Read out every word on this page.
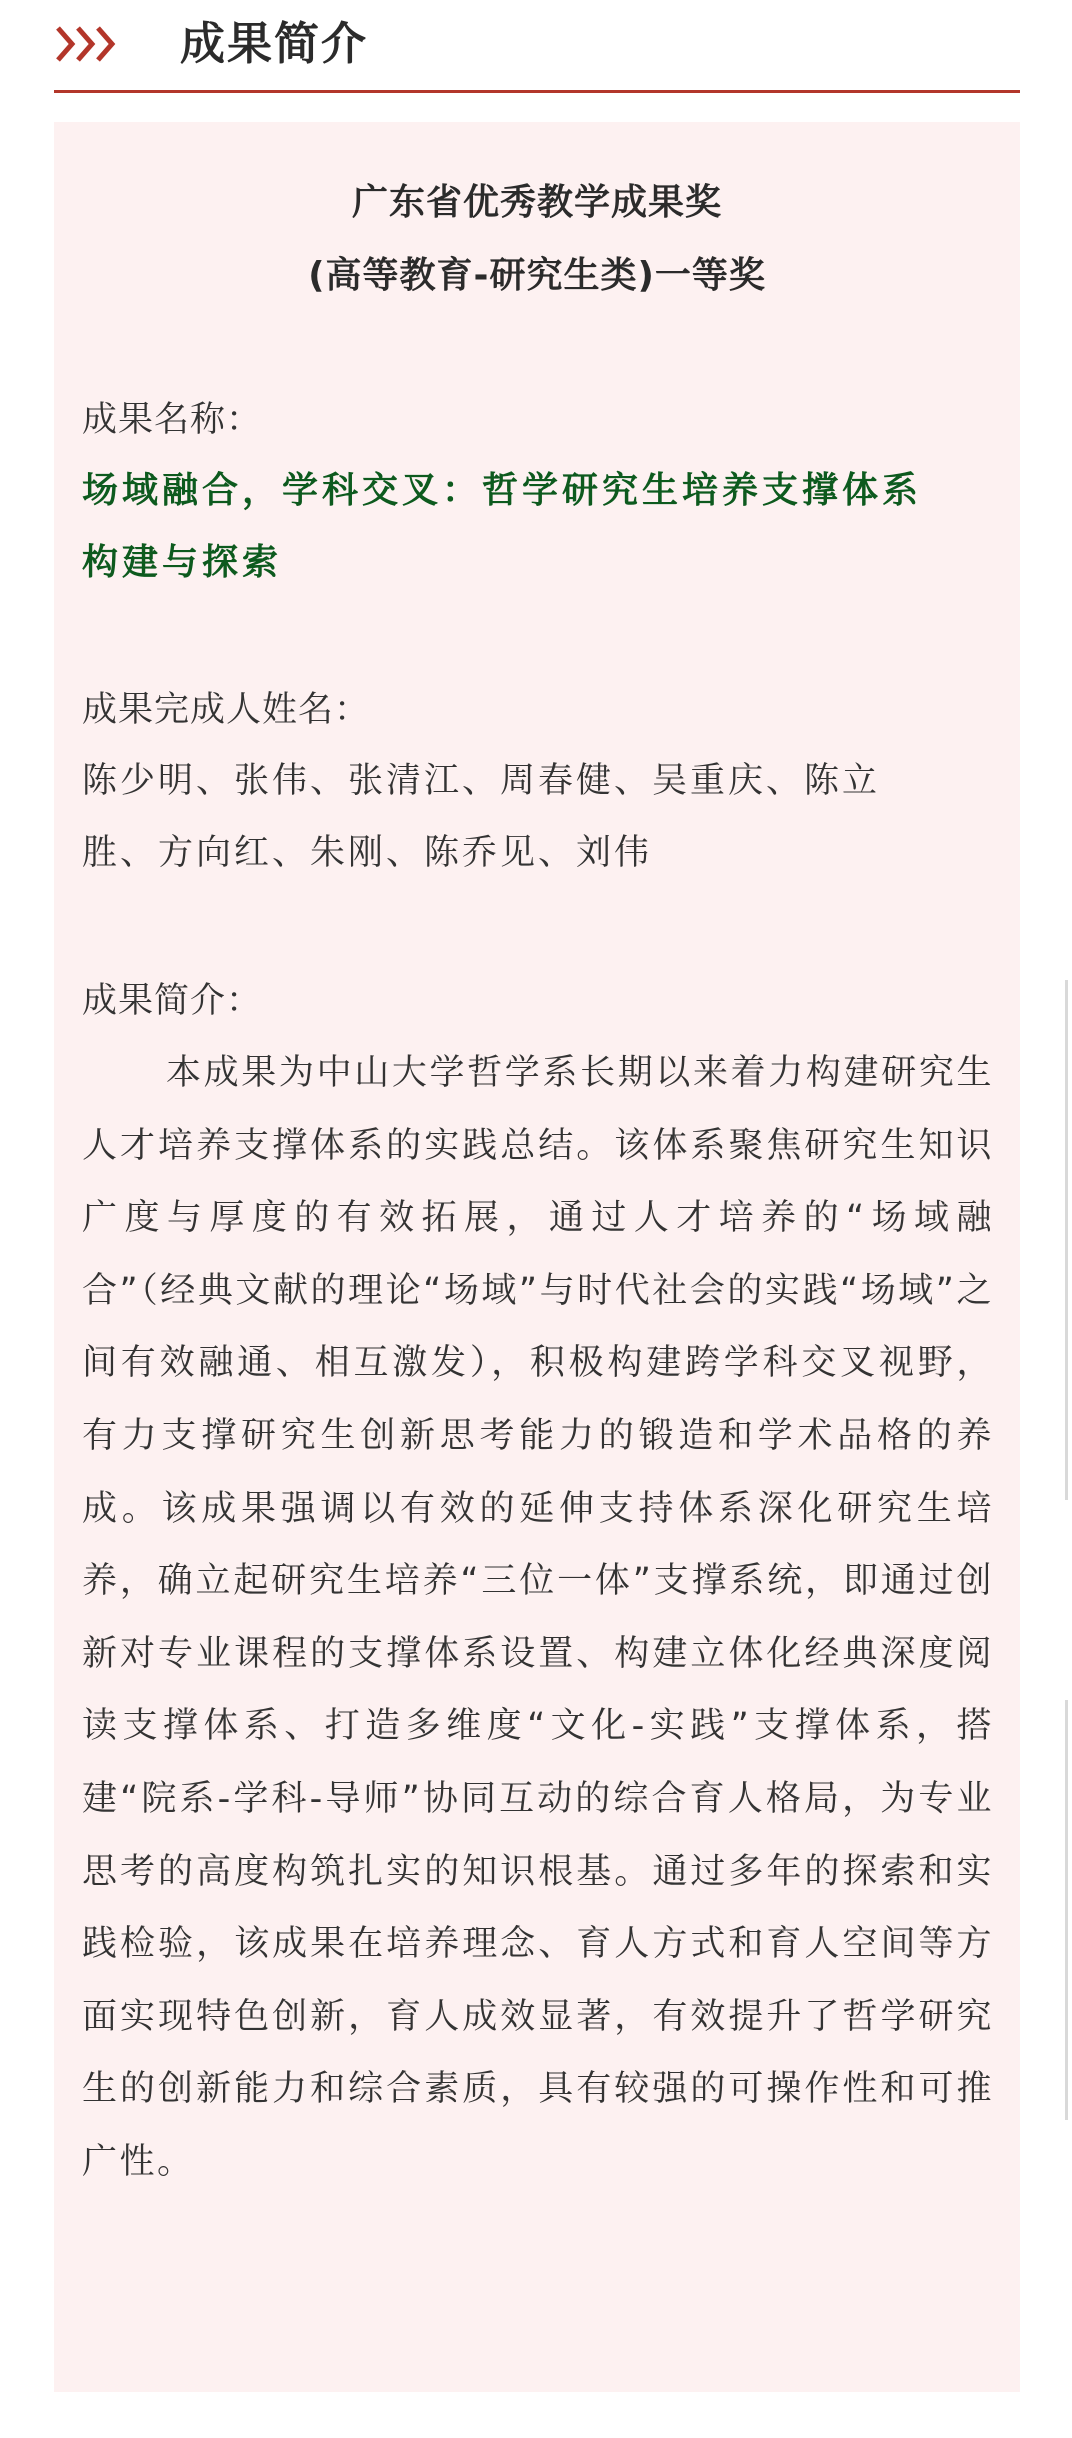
成果简介
广东省优秀教学成果奖
(高等教育-研究生类)一等奖
成果名称：
场域融合，学科交叉：哲学研究生培养支撑体系
构建与探索
成果完成人姓名：
陈少明、张伟、张清江、周春健、吴重庆、陈立
胜、方向红、朱刚、陈乔见、刘伟
成果简介：

本成果为中山大学哲学系长期以来着力构建研究生人才培养支撑体系的实践总结。该体系聚焦研究生知识广度与厚度的有效拓展，通过人才培养的“场域融合”（经典文献的理论“场域”与时代社会的实践“场域”之间有效融通、相互激发），积极构建跨学科交叉视野，有力支撑研究生创新思考能力的锻造和学术品格的养成。该成果强调以有效的延伸支持体系深化研究生培养，确立起研究生培养“三位一体”支撑系统，即通过创新对专业课程的支撑体系设置、构建立体化经典深度阅读支撑体系、打造多维度“文化-实践”支撑体系，搭建“院系-学科-导师”协同互动的综合育人格局，为专业思考的高度构筑扎实的知识根基。通过多年的探索和实践检验，该成果在培养理念、育人方式和育人空间等方面实现特色创新，育人成效显著，有效提升了哲学研究生的创新能力和综合素质，具有较强的可操作性和可推广性。
